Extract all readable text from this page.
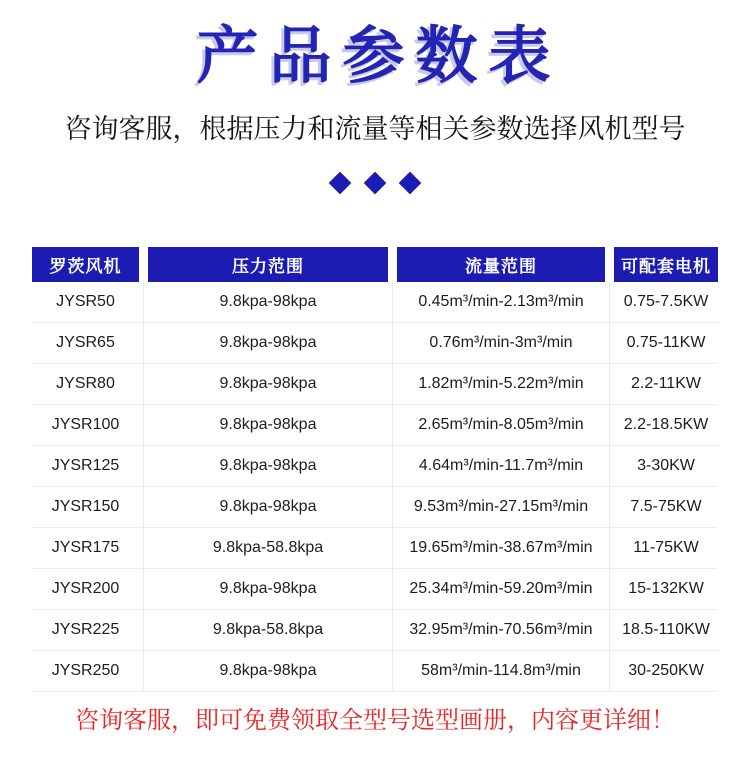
产品参数表
咨询客服，根据压力和流量等相关参数选择风机型号
罗茨风机	压力范围	流量范围	可配套电机
JYSR50	9.8kpa-98kpa	0.45m³/min-2.13m³/min	0.75-7.5KW
JYSR65	9.8kpa-98kpa	0.76m³/min-3m³/min	0.75-11KW
JYSR80	9.8kpa-98kpa	1.82m³/min-5.22m³/min	2.2-11KW
JYSR100	9.8kpa-98kpa	2.65m³/min-8.05m³/min	2.2-18.5KW
JYSR125	9.8kpa-98kpa	4.64m³/min-11.7m³/min	3-30KW
JYSR150	9.8kpa-98kpa	9.53m³/min-27.15m³/min	7.5-75KW
JYSR175	9.8kpa-58.8kpa	19.65m³/min-38.67m³/min	11-75KW
JYSR200	9.8kpa-98kpa	25.34m³/min-59.20m³/min	15-132KW
JYSR225	9.8kpa-58.8kpa	32.95m³/min-70.56m³/min	18.5-110KW
JYSR250	9.8kpa-98kpa	58m³/min-114.8m³/min	30-250KW
咨询客服，即可免费领取全型号选型画册，内容更详细！
